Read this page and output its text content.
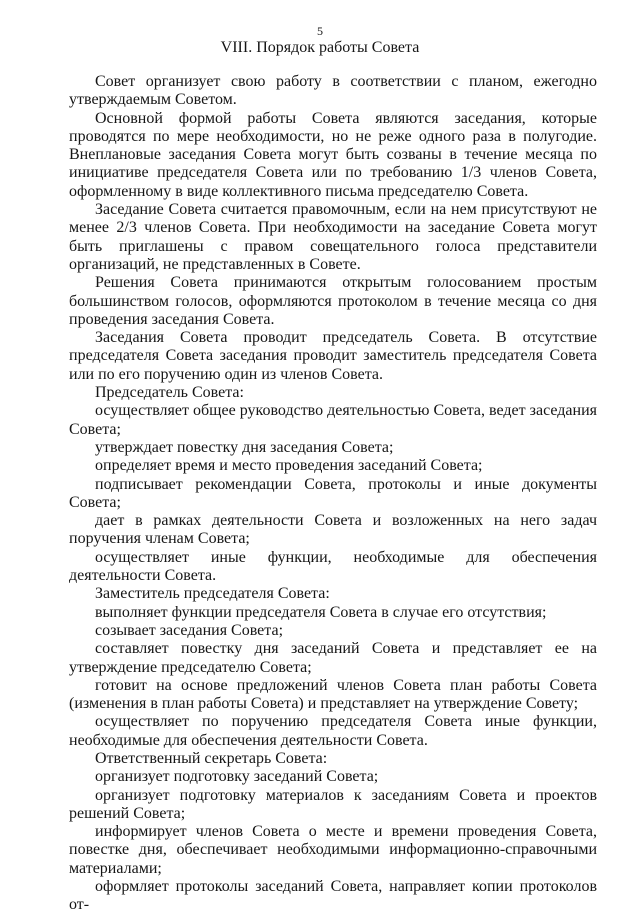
5
VIII. Порядок работы Совета

Совет организует свою работу в соответствии с планом, ежегодно утверждаемым Советом.

Основной формой работы Совета являются заседания, которые проводятся по мере необходимости, но не реже одного раза в полугодие. Внеплановые заседания Совета могут быть созваны в течение месяца по инициативе председателя Совета или по требованию 1/3 членов Совета, оформленному в виде коллективного письма председателю Совета.

Заседание Совета считается правомочным, если на нем присутствуют не менее 2/3 членов Совета. При необходимости на заседание Совета могут быть приглашены с правом совещательного голоса представители организаций, не представленных в Совете.

Решения Совета принимаются открытым голосованием простым большинством голосов, оформляются протоколом в течение месяца со дня проведения заседания Совета.

Заседания Совета проводит председатель Совета. В отсутствие председателя Совета заседания проводит заместитель председателя Совета или по его поручению один из членов Совета.

Председатель Совета:

осуществляет общее руководство деятельностью Совета, ведет заседания Совета;

утверждает повестку дня заседания Совета;

определяет время и место проведения заседаний Совета;

подписывает рекомендации Совета, протоколы и иные документы Совета;

дает в рамках деятельности Совета и возложенных на него задач поручения членам Совета;

осуществляет иные функции, необходимые для обеспечения деятельности Совета.

Заместитель председателя Совета:

выполняет функции председателя Совета в случае его отсутствия;

созывает заседания Совета;

составляет повестку дня заседаний Совета и представляет ее на утверждение председателю Совета;

готовит на основе предложений членов Совета план работы Совета (изменения в план работы Совета) и представляет на утверждение Совету;

осуществляет по поручению председателя Совета иные функции, необходимые для обеспечения деятельности Совета.

Ответственный секретарь Совета:

организует подготовку заседаний Совета;

организует подготовку материалов к заседаниям Совета и проектов решений Совета;

информирует членов Совета о месте и времени проведения Совета, повестке дня, обеспечивает необходимыми информационно-справочными материалами;

оформляет протоколы заседаний Совета, направляет копии протоколов от-
